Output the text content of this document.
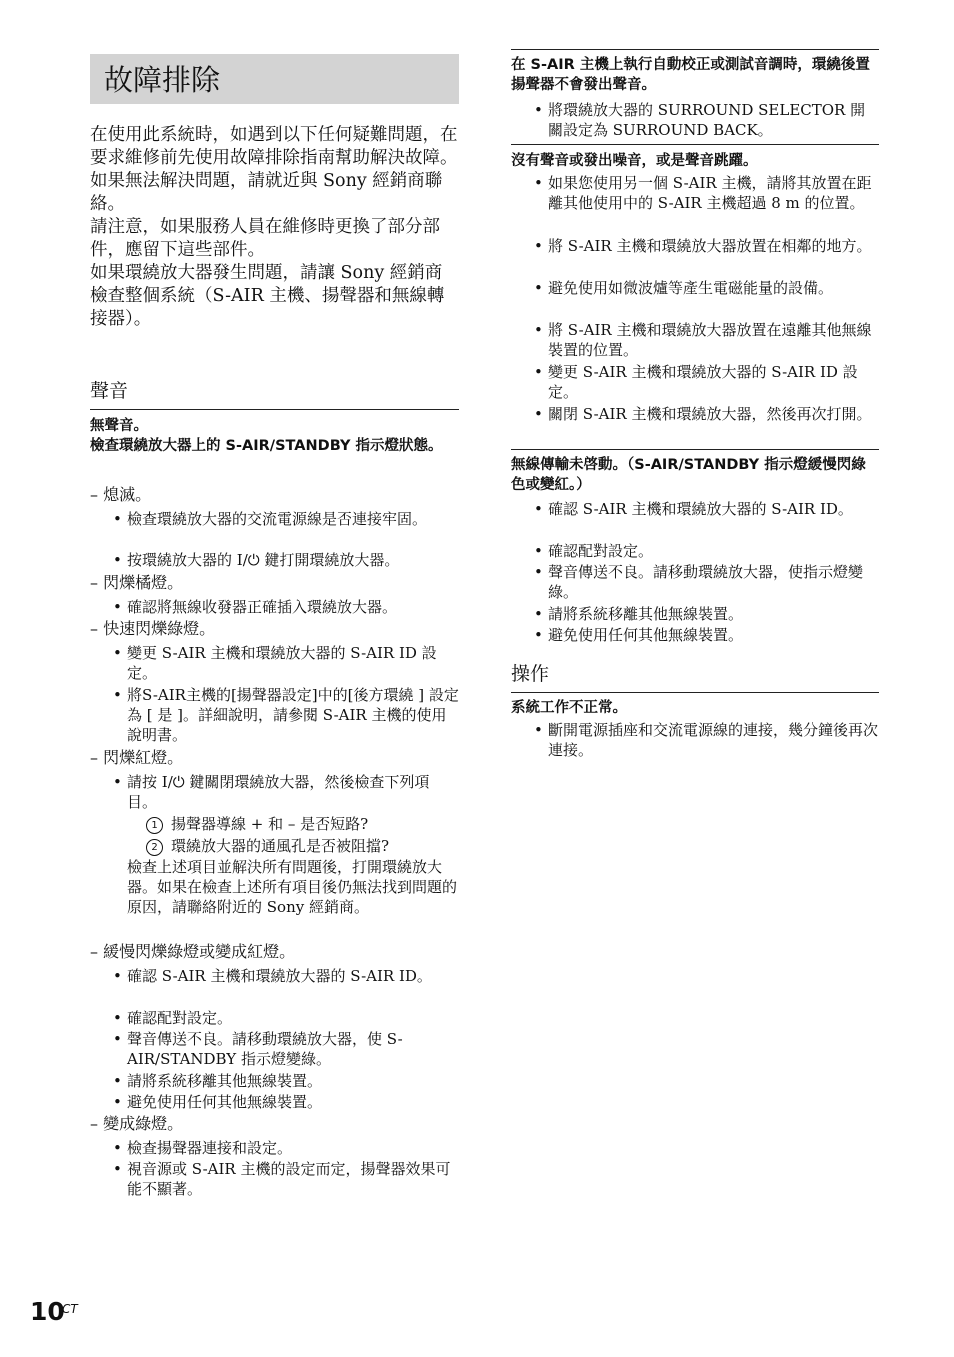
故障排除

在使用此系統時，如遇到以下任何疑難問題，在要求維修前先使用故障排除指南幫助解決故障。如果無法解決問題，請就近與 Sony 經銷商聯絡。

請注意，如果服務人員在維修時更換了部分部件，應留下這些部件。

如果環繞放大器發生問題，請讓 Sony 經銷商檢查整個系統（S-AIR 主機、揚聲器和無線轉接器）。

聲音
無聲音。
檢查環繞放大器上的 S-AIR/STANDBY 指示燈狀態。
– 熄滅。
• 檢查環繞放大器的交流電源線是否連接牢固。
• 按環繞放大器的 I/⏻ 鍵打開環繞放大器。
– 閃爍橘燈。
• 確認將無線收發器正確插入環繞放大器。
– 快速閃爍綠燈。
• 變更 S-AIR 主機和環繞放大器的 S-AIR ID 設定。
• 將S-AIR主機的[揚聲器設定]中的[後方環繞 ] 設定為 [ 是 ]。詳細說明，請參閱 S-AIR 主機的使用說明書。
– 閃爍紅燈。
• 請按 I/⏻ 鍵關閉環繞放大器，然後檢查下列項目。
1 揚聲器導線 + 和 – 是否短路?
2 環繞放大器的通風孔是否被阻擋?
檢查上述項目並解決所有問題後，打開環繞放大器。如果在檢查上述所有項目後仍無法找到問題的原因，請聯絡附近的 Sony 經銷商。
– 緩慢閃爍綠燈或變成紅燈。
• 確認 S-AIR 主機和環繞放大器的 S-AIR ID。
• 確認配對設定。
• 聲音傳送不良。請移動環繞放大器，使 S-AIR/STANDBY 指示燈變綠。
• 請將系統移離其他無線裝置。
• 避免使用任何其他無線裝置。
– 變成綠燈。
• 檢查揚聲器連接和設定。
• 視音源或 S-AIR 主機的設定而定，揚聲器效果可能不顯著。
在 S-AIR 主機上執行自動校正或測試音調時，環繞後置揚聲器不會發出聲音。
• 將環繞放大器的 SURROUND SELECTOR 開關設定為 SURROUND BACK。
沒有聲音或發出噪音，或是聲音跳躍。
• 如果您使用另一個 S-AIR 主機，請將其放置在距離其他使用中的 S-AIR 主機超過 8 m 的位置。
• 將 S-AIR 主機和環繞放大器放置在相鄰的地方。
• 避免使用如微波爐等產生電磁能量的設備。
• 將 S-AIR 主機和環繞放大器放置在遠離其他無線裝置的位置。
• 變更 S-AIR 主機和環繞放大器的 S-AIR ID 設定。
• 關閉 S-AIR 主機和環繞放大器，然後再次打開。
無線傳輸未啓動。（S-AIR/STANDBY 指示燈緩慢閃綠色或變紅。）
• 確認 S-AIR 主機和環繞放大器的 S-AIR ID。
• 確認配對設定。
• 聲音傳送不良。請移動環繞放大器，使指示燈變綠。
• 請將系統移離其他無線裝置。
• 避免使用任何其他無線裝置。
操作
系統工作不正常。
• 斷開電源插座和交流電源線的連接，幾分鐘後再次連接。
10
CT
